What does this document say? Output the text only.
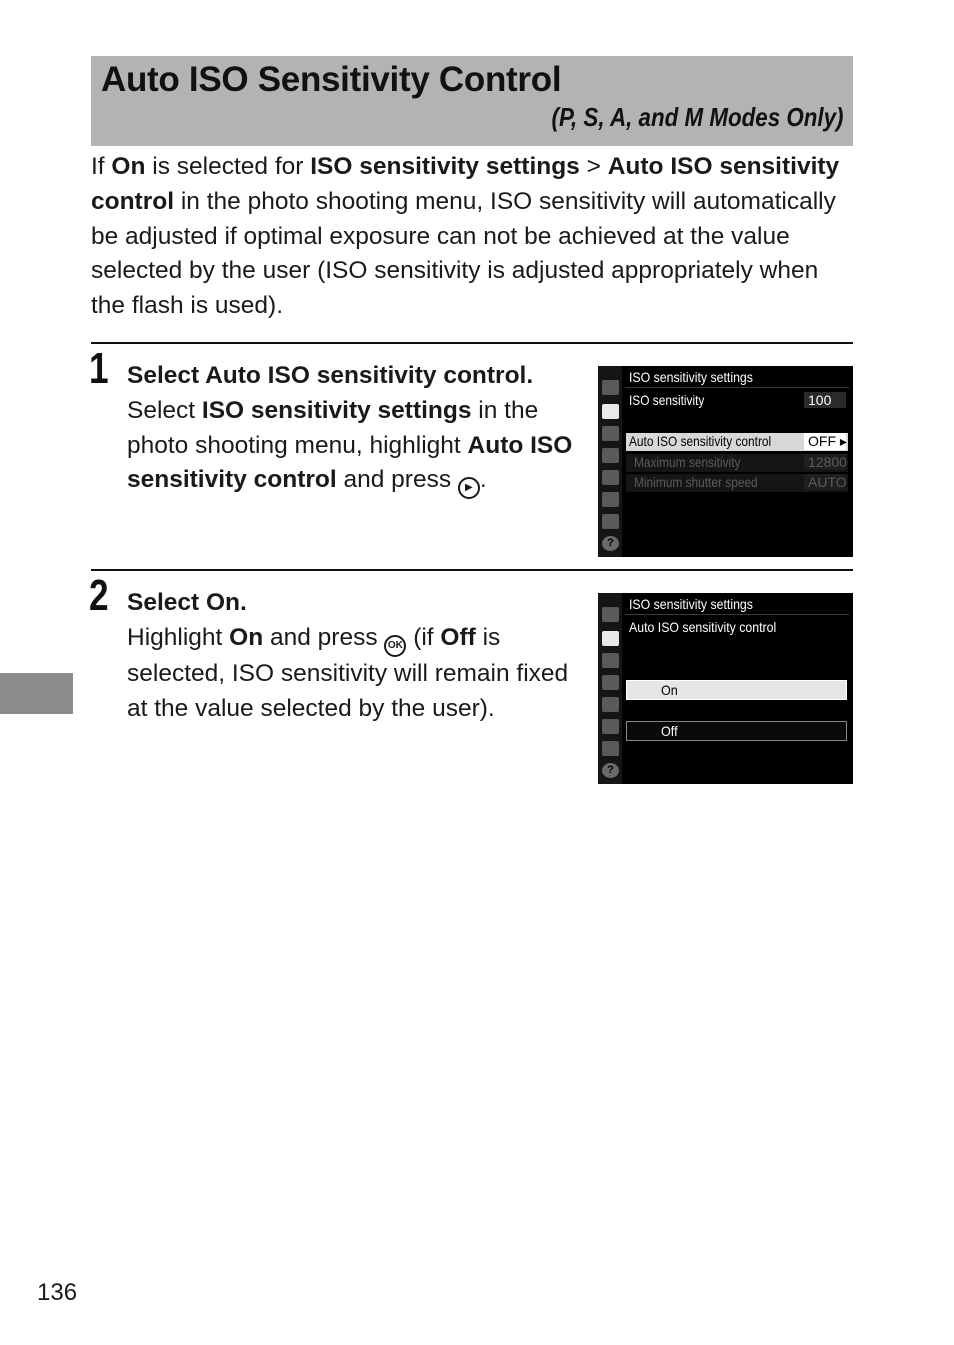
Auto ISO Sensitivity Control
(P, S, A, and M Modes Only)

If On is selected for ISO sensitivity settings > Auto ISO sensitivity control in the photo shooting menu, ISO sensitivity will automatically be adjusted if optimal exposure can not be achieved at the value selected by the user (ISO sensitivity is adjusted appropriately when the flash is used).

1 Select Auto ISO sensitivity control.
Select ISO sensitivity settings in the photo shooting menu, highlight Auto ISO sensitivity control and press ▶ .

?
ISO sensitivity settings
ISO sensitivity	100
Auto ISO sensitivity control	OFF ▸
Maximum sensitivity	12800
Minimum shutter speed	AUTO
2 Select On.
Highlight On and press OK (if Off is selected, ISO sensitivity will remain fixed at the value selected by the user).

?
ISO sensitivity settings
Auto ISO sensitivity control
On
Off
136
